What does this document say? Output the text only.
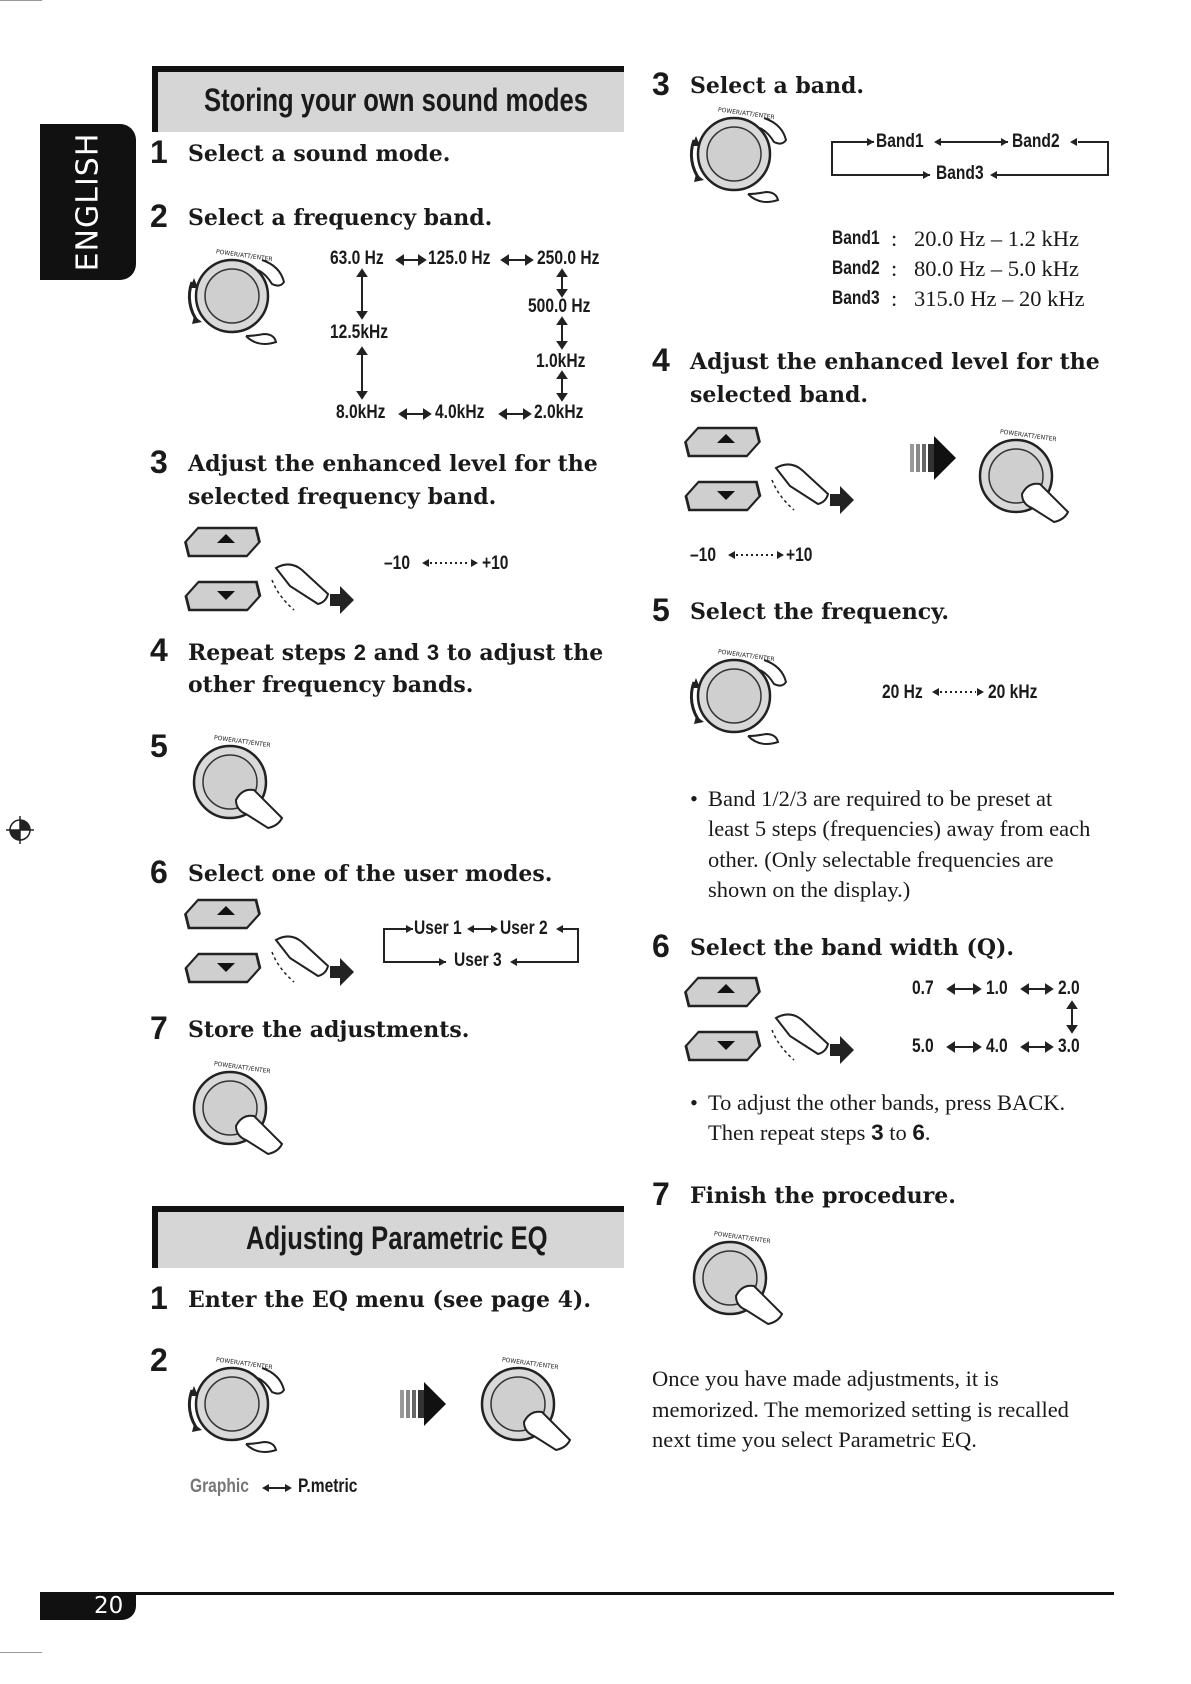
ENGLISH
Storing your own sound modes
1 Select a sound mode.
2 Select a frequency band.
63.0 Hz 125.0 Hz 250.0 Hz
500.0 Hz
1.0kHz
2.0kHz
4.0kHz
8.0kHz
12.5kHz
3 Adjust the enhanced level for the
selected frequency band.
–10	+10
4 Repeat steps 2 and 3 to adjust the
other frequency bands.
5
6 Select one of the user modes.
User 1 User 2
User 3
7 Store the adjustments.
Adjusting Parametric EQ
1 Enter the EQ menu (see page 4).
2
Graphic	P.metric
3 Select a band.
Band1	Band2
Band3
Band1 : 20.0 Hz – 1.2 kHz
Band2 : 80.0 Hz – 5.0 kHz
Band3 : 315.0 Hz – 20 kHz
4 Adjust the enhanced level for the
selected band.
–10	+10
5 Select the frequency.
20 Hz	20 kHz
• Band 1/2/3 are required to be preset at
least 5 steps (frequencies) away from each
other. (Only selectable frequencies are
shown on the display.)
6 Select the band width (Q).
0.7	1.0	2.0
3.0
4.0
5.0
• To adjust the other bands, press BACK.
Then repeat steps 3 to 6.
7 Finish the procedure.
Once you have made adjustments, it is
memorized. The memorized setting is recalled
next time you select Parametric EQ.
20
